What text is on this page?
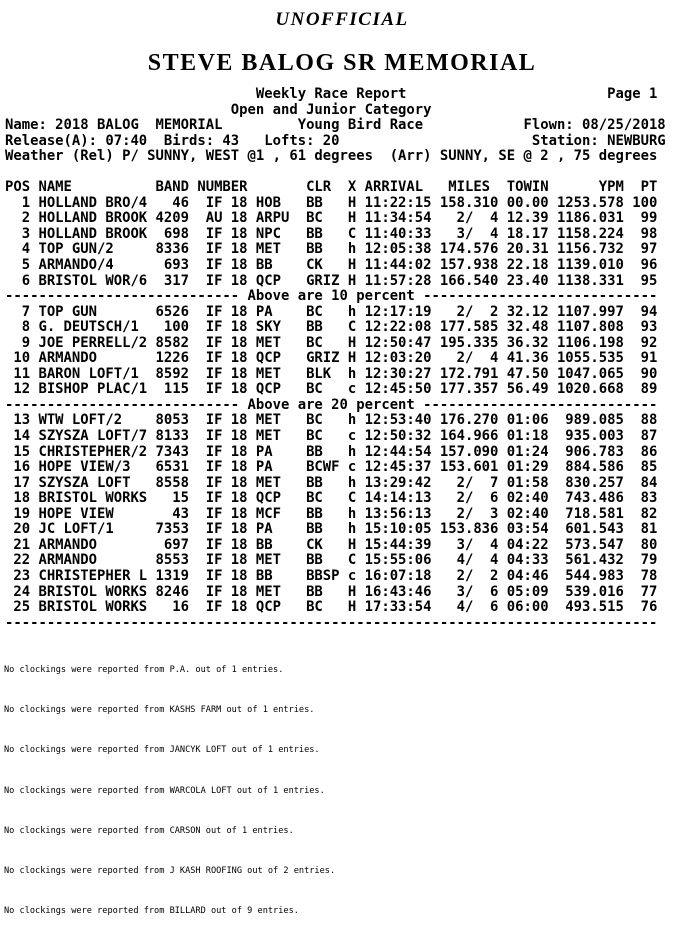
UNOFFICIAL
STEVE BALOG SR MEMORIAL
Weekly Race Report                        Page 1
Open and Junior Category
Name: 2018 BALOG  MEMORIAL         Young Bird Race            Flown: 08/25/2018
Release(A): 07:40  Birds: 43   Lofts: 20                       Station: NEWBURG
Weather (Rel) P/ SUNNY, WEST @1 , 61 degrees  (Arr) SUNNY, SE @ 2 , 75 degrees

POS NAME          BAND NUMBER       CLR  X ARRIVAL   MILES  TOWIN      YPM  PT
1 HOLLAND BRO/4   46  IF 18 HOB   BB   H 11:22:15 158.310 00.00 1253.578 100
2 HOLLAND BROOK 4209  AU 18 ARPU  BC   H 11:34:54   2/  4 12.39 1186.031  99
3 HOLLAND BROOK  698  IF 18 NPC   BB   C 11:40:33   3/  4 18.17 1158.224  98
4 TOP GUN/2     8336  IF 18 MET   BB   h 12:05:38 174.576 20.31 1156.732  97
5 ARMANDO/4      693  IF 18 BB    CK   H 11:44:02 157.938 22.18 1139.010  96
6 BRISTOL WOR/6  317  IF 18 QCP   GRIZ H 11:57:28 166.540 23.40 1138.331  95
---------------------------- Above are 10 percent ----------------------------
7 TOP GUN       6526  IF 18 PA    BC   h 12:17:19   2/  2 32.12 1107.997  94
8 G. DEUTSCH/1   100  IF 18 SKY   BB   C 12:22:08 177.585 32.48 1107.808  93
9 JOE PERRELL/2 8582  IF 18 MET   BC   H 12:50:47 195.335 36.32 1106.198  92
10 ARMANDO       1226  IF 18 QCP   GRIZ H 12:03:20   2/  4 41.36 1055.535  91
11 BARON LOFT/1  8592  IF 18 MET   BLK  h 12:30:27 172.791 47.50 1047.065  90
12 BISHOP PLAC/1  115  IF 18 QCP   BC   c 12:45:50 177.357 56.49 1020.668  89
---------------------------- Above are 20 percent ----------------------------
13 WTW LOFT/2    8053  IF 18 MET   BC   h 12:53:40 176.270 01:06  989.085  88
14 SZYSZA LOFT/7 8133  IF 18 MET   BC   c 12:50:32 164.966 01:18  935.003  87
15 CHRISTEPHER/2 7343  IF 18 PA    BB   h 12:44:54 157.090 01:24  906.783  86
16 HOPE VIEW/3   6531  IF 18 PA    BCWF c 12:45:37 153.601 01:29  884.586  85
17 SZYSZA LOFT   8558  IF 18 MET   BB   h 13:29:42   2/  7 01:58  830.257  84
18 BRISTOL WORKS   15  IF 18 QCP   BC   C 14:14:13   2/  6 02:40  743.486  83
19 HOPE VIEW       43  IF 18 MCF   BB   h 13:56:13   2/  3 02:40  718.581  82
20 JC LOFT/1     7353  IF 18 PA    BB   h 15:10:05 153.836 03:54  601.543  81
21 ARMANDO        697  IF 18 BB    CK   H 15:44:39   3/  4 04:22  573.547  80
22 ARMANDO       8553  IF 18 MET   BB   C 15:55:06   4/  4 04:33  561.432  79
23 CHRISTEPHER L 1319  IF 18 BB    BBSP c 16:07:18   2/  2 04:46  544.983  78
24 BRISTOL WORKS 8246  IF 18 MET   BB   H 16:43:46   3/  6 05:09  539.016  77
25 BRISTOL WORKS   16  IF 18 QCP   BC   H 17:33:54   4/  6 06:00  493.515  76
------------------------------------------------------------------------------

No clockings were reported from P.A. out of 1 entries.

No clockings were reported from KASHS FARM out of 1 entries.

No clockings were reported from JANCYK LOFT out of 1 entries.

No clockings were reported from WARCOLA LOFT out of 1 entries.

No clockings were reported from CARSON out of 1 entries.

No clockings were reported from J KASH ROOFING out of 2 entries.

No clockings were reported from BILLARD out of 9 entries.
